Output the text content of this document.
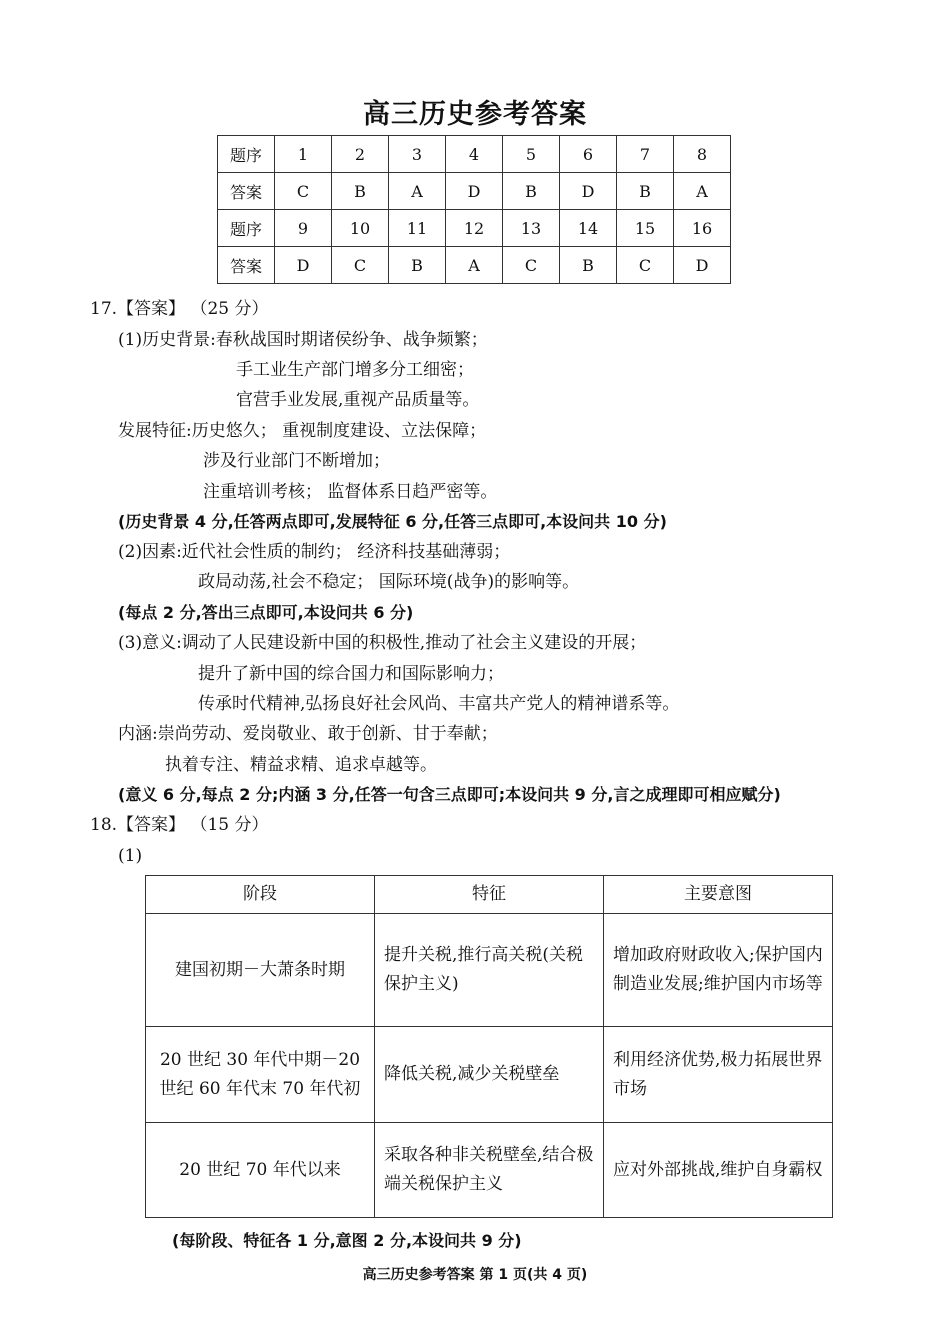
高三历史参考答案
题序	1	2	3	4	5	6	7	8
答案	C	B	A	D	B	D	B	A
题序	9	10	11	12	13	14	15	16
答案	D	C	B	A	C	B	C	D
17.【答案】 （25 分）
(1)历史背景:春秋战国时期诸侯纷争、战争频繁；
手工业生产部门增多分工细密；
官营手业发展,重视产品质量等。
发展特征:历史悠久； 重视制度建设、立法保障；
涉及行业部门不断增加；
注重培训考核； 监督体系日趋严密等。
(历史背景 4 分,任答两点即可,发展特征 6 分,任答三点即可,本设问共 10 分)
(2)因素:近代社会性质的制约； 经济科技基础薄弱；
政局动荡,社会不稳定； 国际环境(战争)的影响等。
(每点 2 分,答出三点即可,本设问共 6 分)
(3)意义:调动了人民建设新中国的积极性,推动了社会主义建设的开展；
提升了新中国的综合国力和国际影响力；
传承时代精神,弘扬良好社会风尚、丰富共产党人的精神谱系等。
内涵:崇尚劳动、爱岗敬业、敢于创新、甘于奉献；
执着专注、精益求精、追求卓越等。
(意义 6 分,每点 2 分;内涵 3 分,任答一句含三点即可;本设问共 9 分,言之成理即可相应赋分)
18.【答案】 （15 分）
(1)
阶段	特征	主要意图
建国初期－大萧条时期	提升关税,推行高关税(关税保护主义)	增加政府财政收入;保护国内制造业发展;维护国内市场等
20 世纪 30 年代中期－20 世纪 60 年代末 70 年代初	降低关税,减少关税壁垒	利用经济优势,极力拓展世界市场
20 世纪 70 年代以来	采取各种非关税壁垒,结合极端关税保护主义	应对外部挑战,维护自身霸权
(每阶段、特征各 1 分,意图 2 分,本设问共 9 分)
高三历史参考答案 第 1 页(共 4 页)
